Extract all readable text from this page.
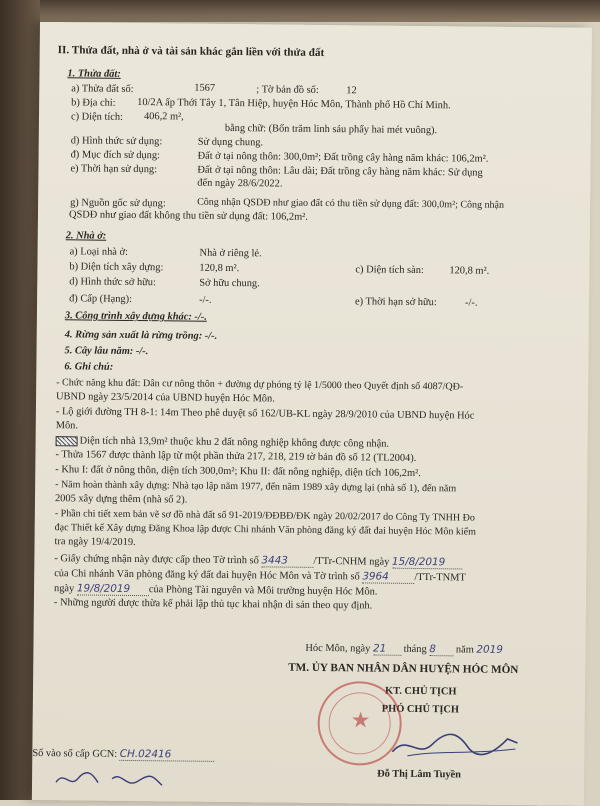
II. Thửa đất, nhà ở và tài sản khác gắn liền với thửa đất
1. Thửa đất:
a) Thửa đất số:	1567	; Tờ bản đồ số:	12
b) Địa chỉ: 10/2A ấp Thới Tây 1, Tân Hiệp, huyện Hóc Môn, Thành phố Hồ Chí Minh.
c) Diện tích: 406,2 m²,
bằng chữ: (Bốn trăm linh sáu phẩy hai mét vuông).
d) Hình thức sử dụng:	Sử dụng chung.
đ) Mục đích sử dụng:	Đất ở tại nông thôn: 300,0m²; Đất trồng cây hàng năm khác: 106,2m².
e) Thời hạn sử dụng:	Đất ở tại nông thôn: Lâu dài; Đất trồng cây hàng năm khác: Sử dụng
đến ngày 28/6/2022.
g) Nguồn gốc sử dụng:	Công nhận QSDĐ như giao đất có thu tiền sử dụng đất: 300,0m²; Công nhận
QSDĐ như giao đất không thu tiền sử dụng đất: 106,2m².
2. Nhà ở:
a) Loại nhà ở:	Nhà ở riêng lẻ.
b) Diện tích xây dựng:	120,8 m².	c) Diện tích sàn: 120,8 m².
d) Hình thức sở hữu:	Sở hữu chung.
đ) Cấp (Hạng):	-/-.	e) Thời hạn sở hữu:	-/-.
3. Công trình xây dựng khác: -/-.
4. Rừng sản xuất là rừng trồng: -/-.
5. Cây lâu năm: -/-.
6. Ghi chú:
- Chức năng khu đất: Dân cư nông thôn + đường dự phóng tỷ lệ 1/5000 theo Quyết định số 4087/QĐ-
UBND ngày 23/5/2014 của UBND huyện Hóc Môn.
- Lộ giới đường TH 8-1: 14m Theo phê duyệt số 162/UB-KL ngày 28/9/2010 của UBND huyện Hóc
Môn.
Diện tích nhà 13,9m² thuộc khu 2 đất nông nghiệp không được công nhận.
- Thửa 1567 được thành lập từ một phần thửa 217, 218, 219 tờ bản đồ số 12 (TL2004).
- Khu I: đất ở nông thôn, diện tích 300,0m²; Khu II: đất nông nghiệp, diện tích 106,2m².
- Năm hoàn thành xây dựng: Nhà tạo lập năm 1977, đến năm 1989 xây dựng lại (nhà số 1), đến năm
2005 xây dựng thêm (nhà số 2).
- Phần chi tiết xem bản vẽ sơ đồ nhà đất số 91-2019/ĐĐBĐ/ĐK ngày 20/02/2017 do Công Ty TNHH Đo
đạc Thiết kế Xây dựng Đăng Khoa lập được Chi nhánh Văn phòng đăng ký đất đai huyện Hóc Môn kiểm
tra ngày 19/4/2019.
- Giấy chứng nhận này được cấp theo Tờ trình số 3443 /TTr-CNHM ngày 15/8/2019
của Chi nhánh Văn phòng đăng ký đất đai huyện Hóc Môn và Tờ trình số 3964 /TTr-TNMT
ngày 19/8/2019 của Phòng Tài nguyên và Môi trường huyện Hóc Môn.
- Những người được thừa kế phải lập thủ tục khai nhận di sản theo quy định.
Hóc Môn, ngày 21 tháng 8 năm 2019
TM. ỦY BAN NHÂN DÂN HUYỆN HÓC MÔN
KT. CHỦ TỊCH
PHÓ CHỦ TỊCH
★
Đỗ Thị Lâm Tuyền
Số vào sổ cấp GCN: CH.02416
